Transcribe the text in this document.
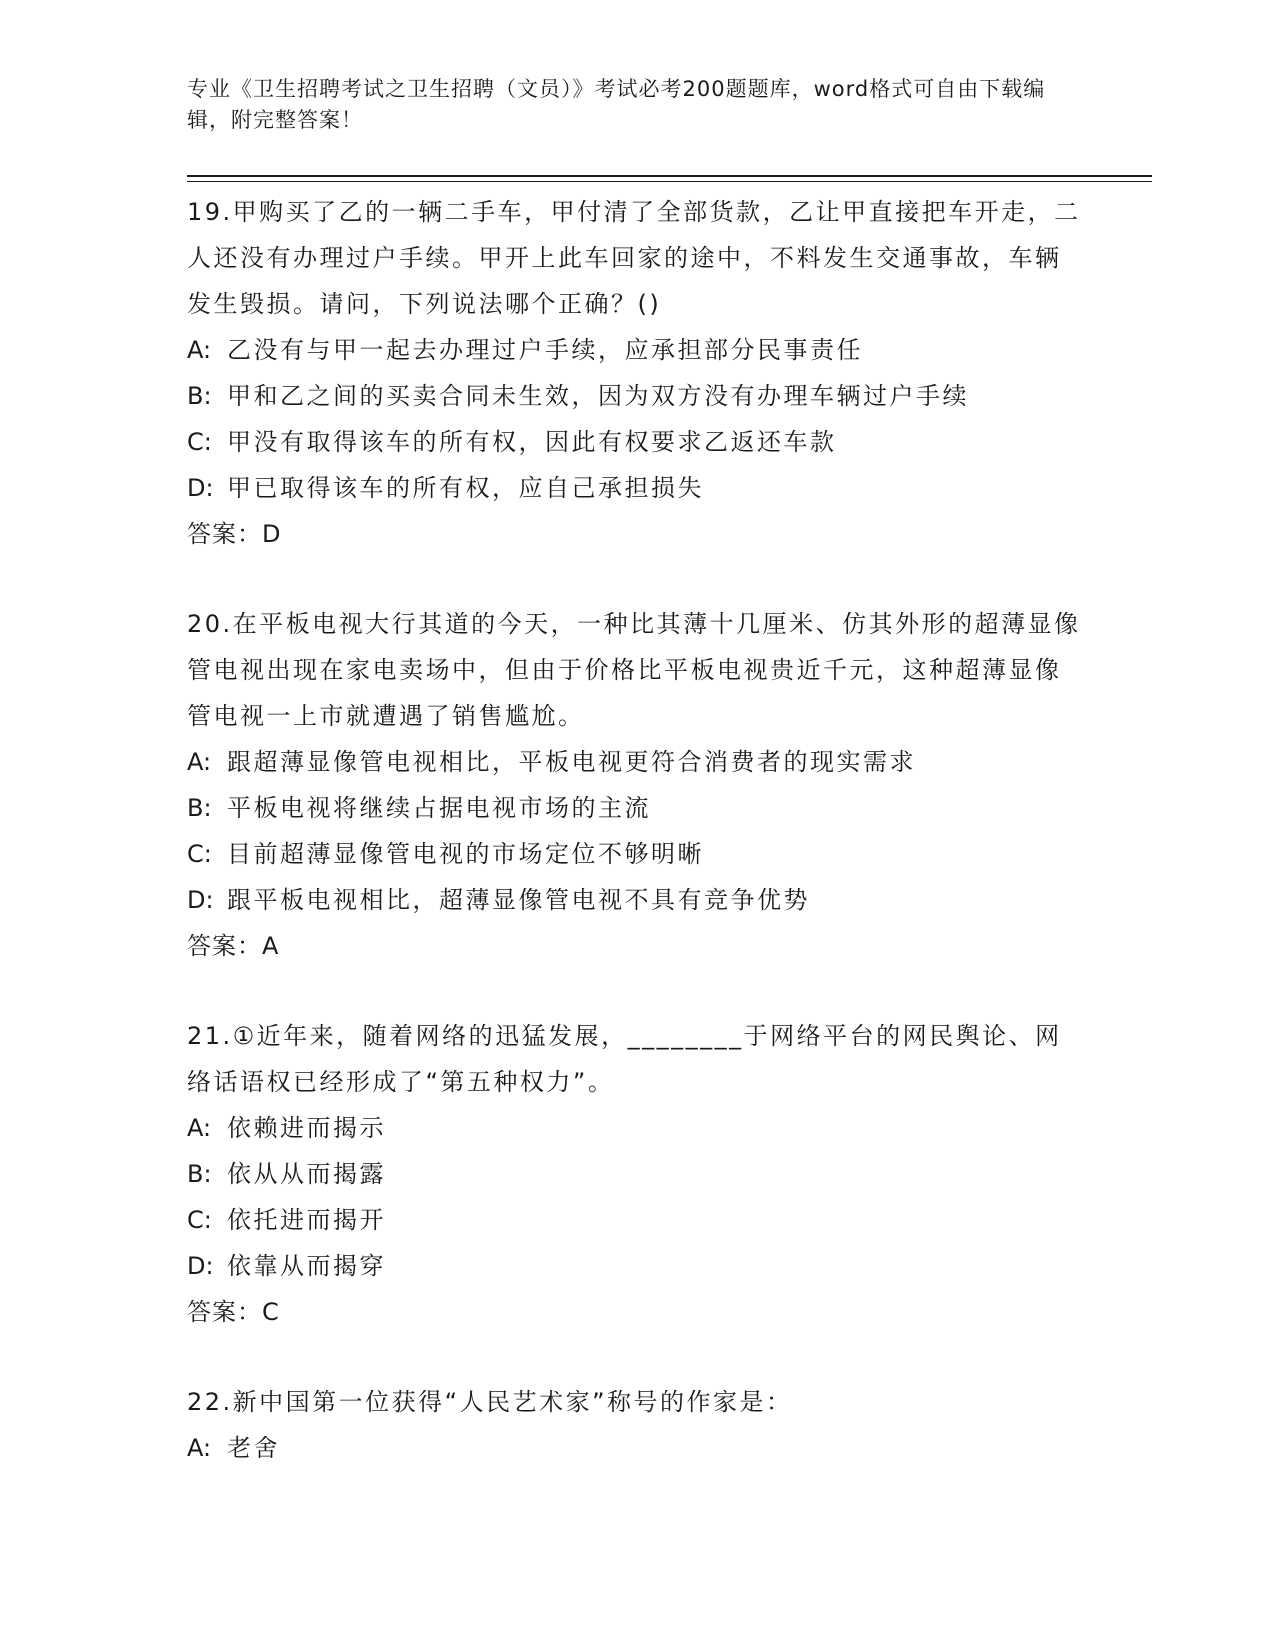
专业《卫生招聘考试之卫生招聘（文员）》考试必考200题题库，word格式可自由下载编辑，附完整答案！
19.甲购买了乙的一辆二手车，甲付清了全部货款，乙让甲直接把车开走，二人还没有办理过户手续。甲开上此车回家的途中，不料发生交通事故，车辆发生毁损。请问，下列说法哪个正确？()
A: 乙没有与甲一起去办理过户手续，应承担部分民事责任
B: 甲和乙之间的买卖合同未生效，因为双方没有办理车辆过户手续
C: 甲没有取得该车的所有权，因此有权要求乙返还车款
D: 甲已取得该车的所有权，应自己承担损失
答案：D
20.在平板电视大行其道的今天，一种比其薄十几厘米、仿其外形的超薄显像管电视出现在家电卖场中，但由于价格比平板电视贵近千元，这种超薄显像管电视一上市就遭遇了销售尴尬。
A: 跟超薄显像管电视相比，平板电视更符合消费者的现实需求
B: 平板电视将继续占据电视市场的主流
C: 目前超薄显像管电视的市场定位不够明晰
D: 跟平板电视相比，超薄显像管电视不具有竞争优势
答案：A
21.①近年来，随着网络的迅猛发展，________于网络平台的网民舆论、网络话语权已经形成了“第五种权力”。
A: 依赖进而揭示
B: 依从从而揭露
C: 依托进而揭开
D: 依靠从而揭穿
答案：C
22.新中国第一位获得“人民艺术家”称号的作家是：
A: 老舍
